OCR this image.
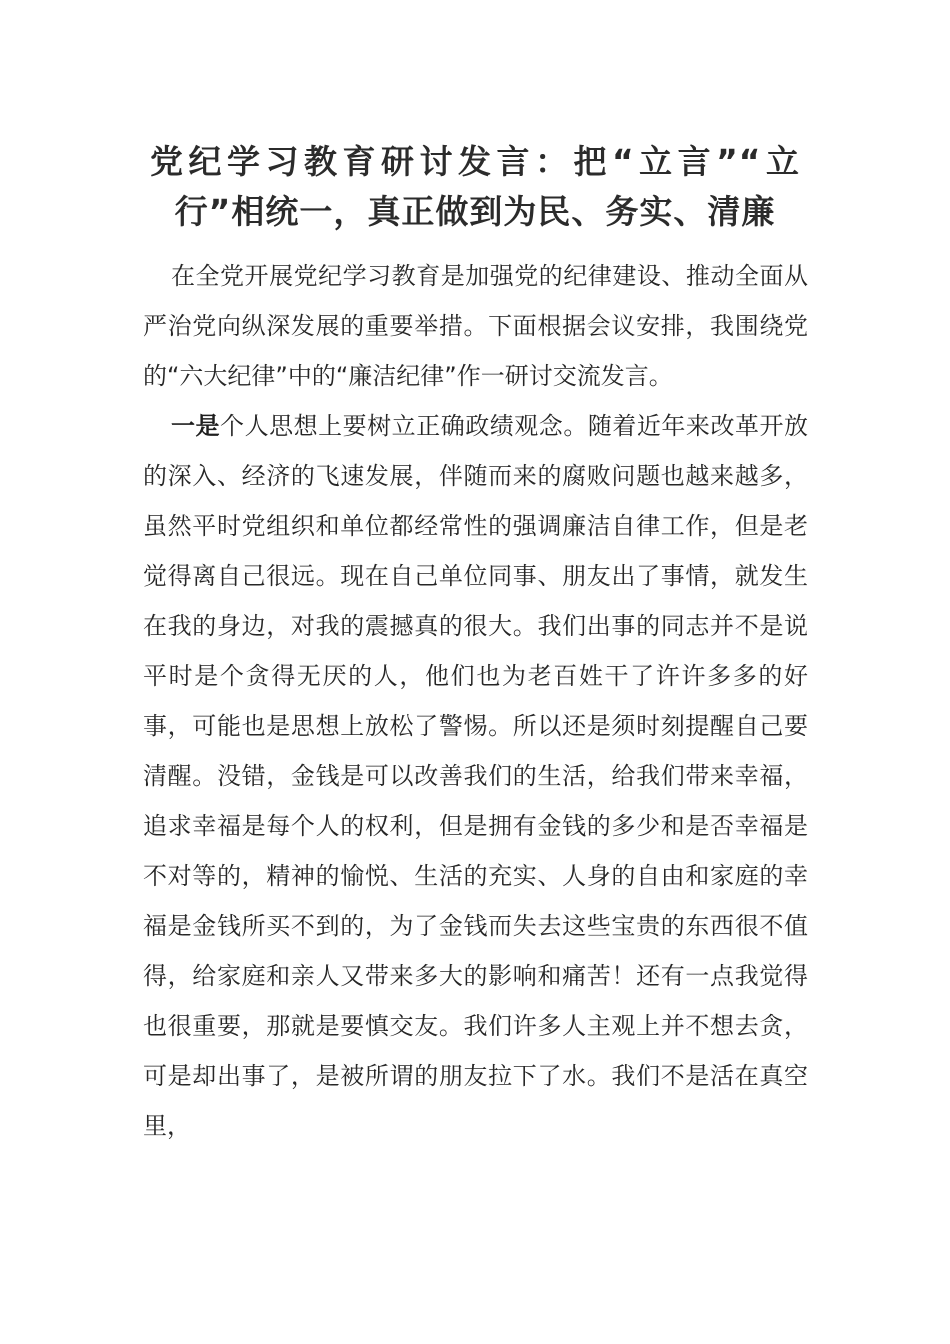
党纪学习教育研讨发言：把“立言”“立行”相统一，真正做到为民、务实、清廉

在全党开展党纪学习教育是加强党的纪律建设、推动全面从严治党向纵深发展的重要举措。下面根据会议安排，我围绕党的“六大纪律”中的“廉洁纪律”作一研讨交流发言。

一是个人思想上要树立正确政绩观念。随着近年来改革开放的深入、经济的飞速发展，伴随而来的腐败问题也越来越多，虽然平时党组织和单位都经常性的强调廉洁自律工作，但是老觉得离自己很远。现在自己单位同事、朋友出了事情，就发生在我的身边，对我的震撼真的很大。我们出事的同志并不是说平时是个贪得无厌的人，他们也为老百姓干了许许多多的好事，可能也是思想上放松了警惕。所以还是须时刻提醒自己要清醒。没错，金钱是可以改善我们的生活，给我们带来幸福，追求幸福是每个人的权利，但是拥有金钱的多少和是否幸福是不对等的，精神的愉悦、生活的充实、人身的自由和家庭的幸福是金钱所买不到的，为了金钱而失去这些宝贵的东西很不值得，给家庭和亲人又带来多大的影响和痛苦！还有一点我觉得也很重要，那就是要慎交友。我们许多人主观上并不想去贪，可是却出事了，是被所谓的朋友拉下了水。我们不是活在真空里，
